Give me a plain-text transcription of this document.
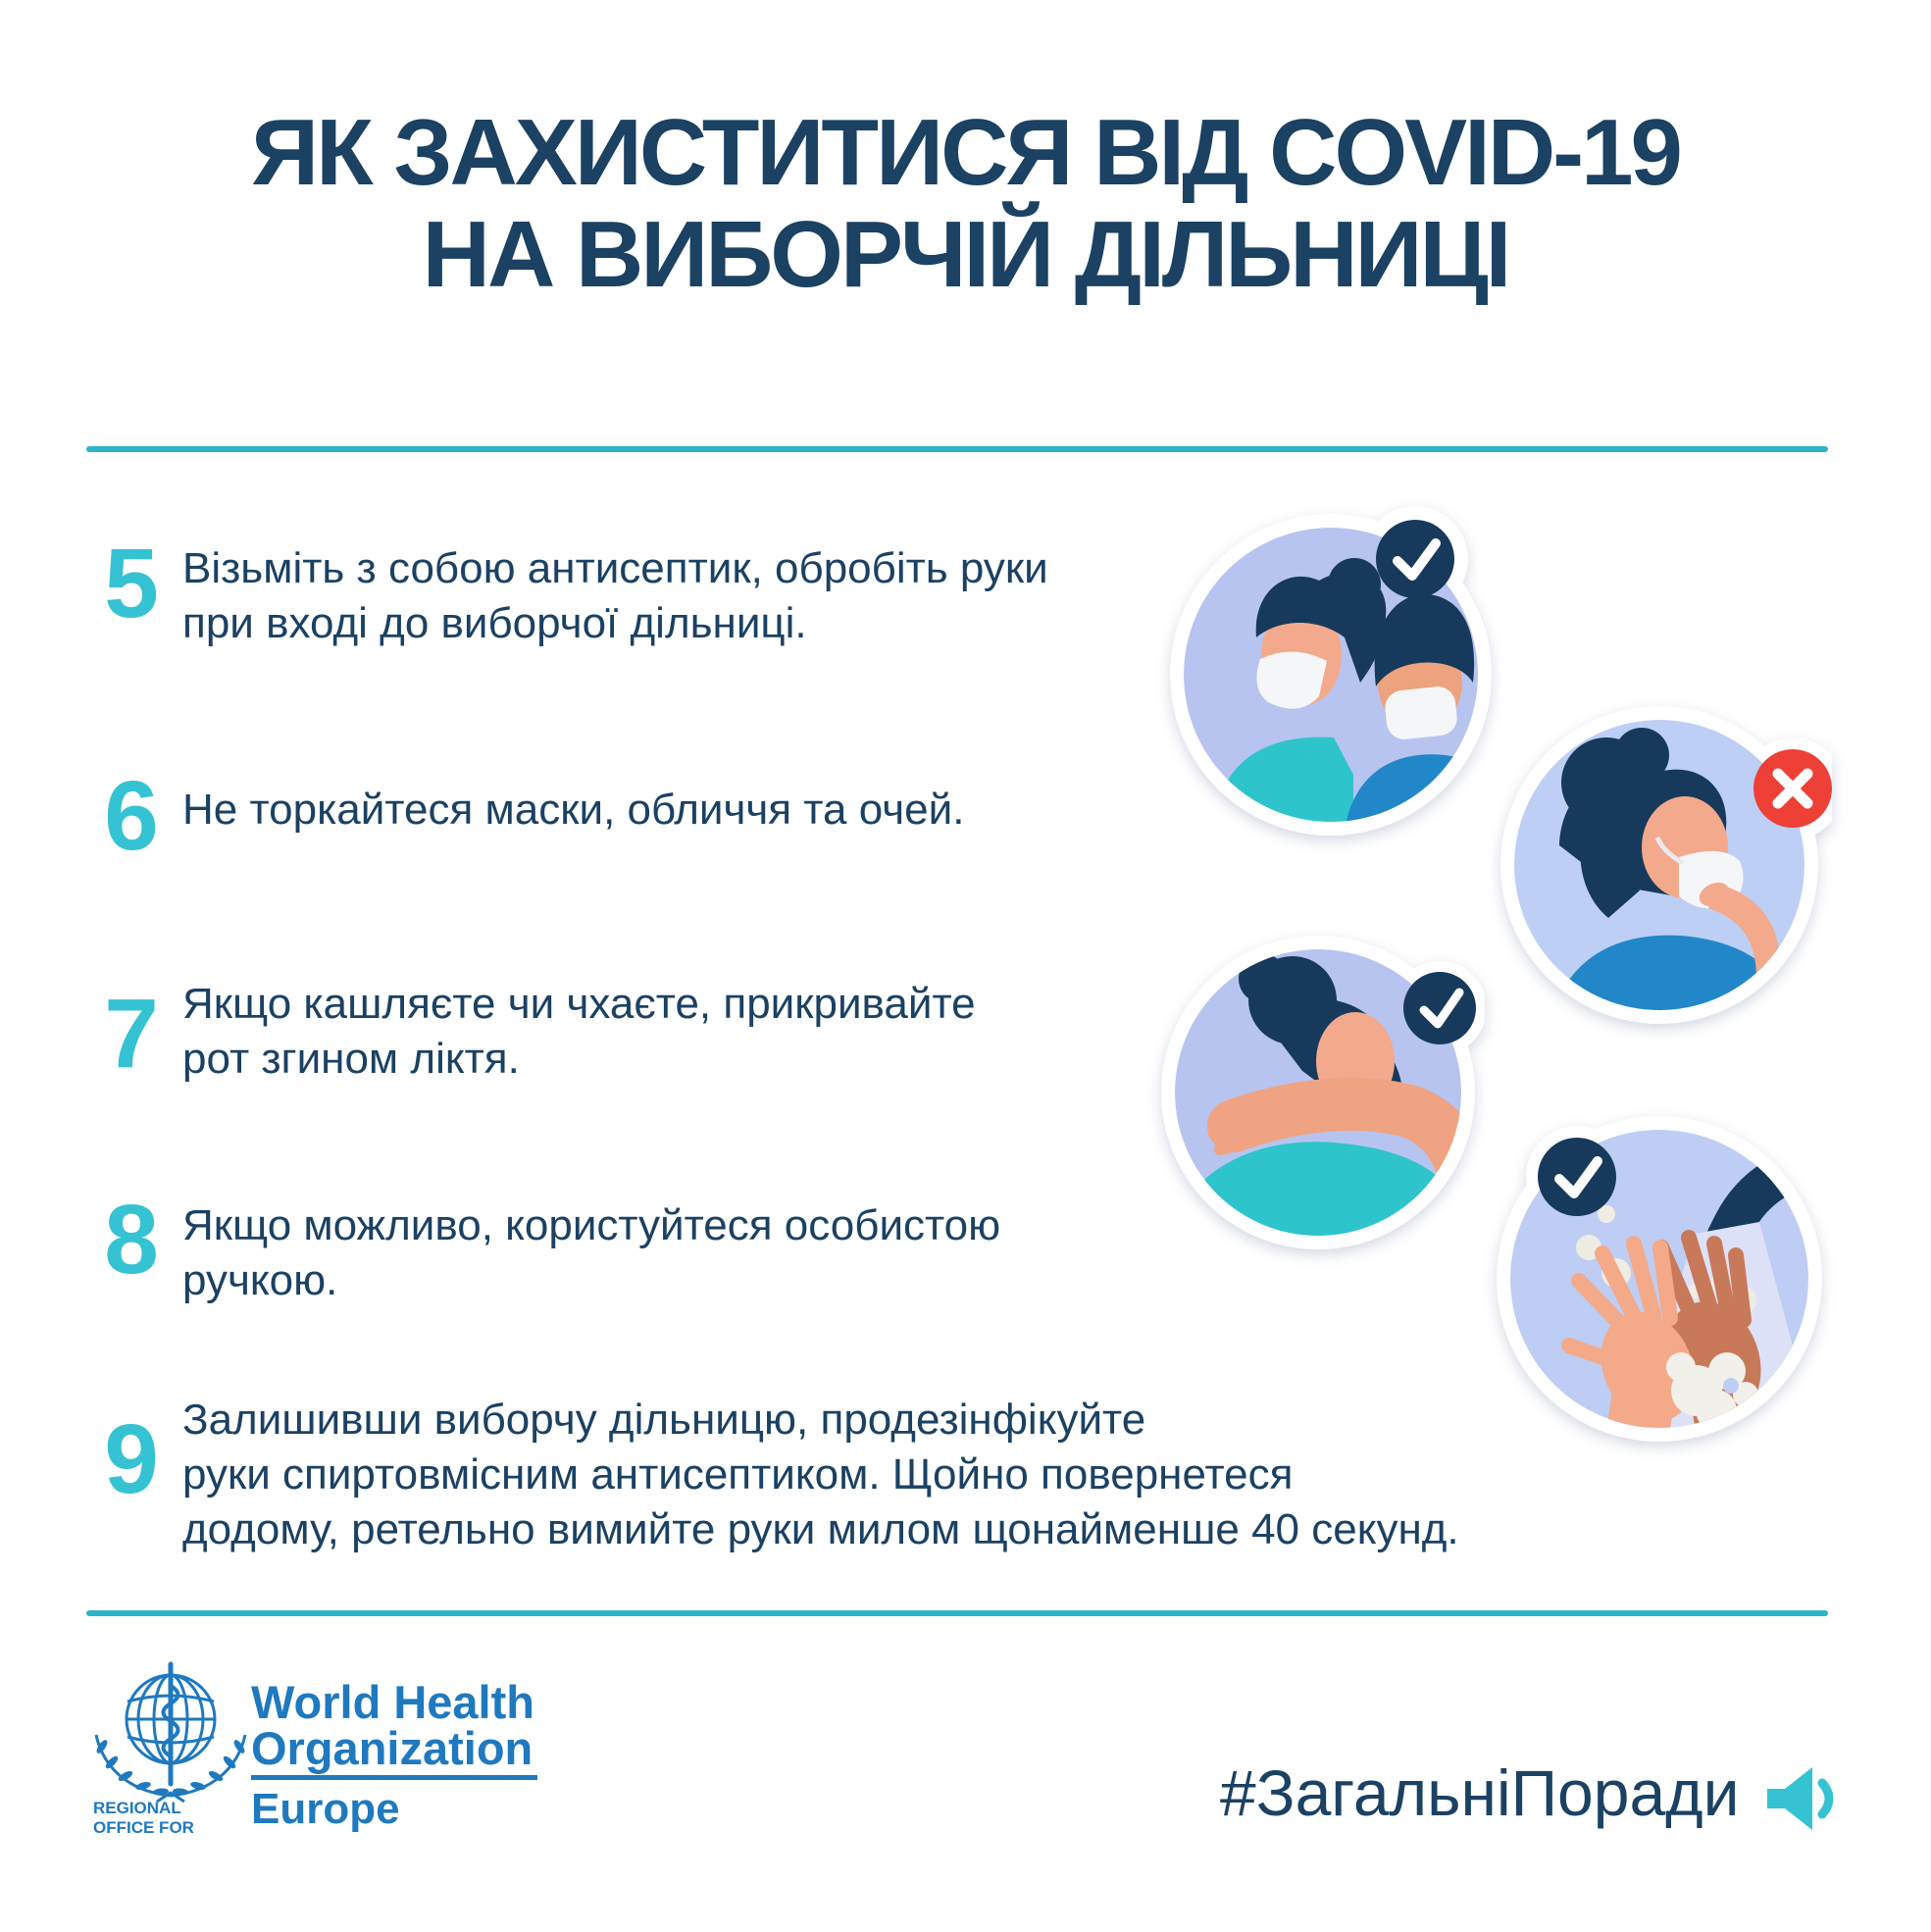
ЯК ЗАХИСТИТИСЯ ВІД COVID-19
НА ВИБОРЧІЙ ДІЛЬНИЦІ
5 Візьміть з собою антисептик, обробіть руки
при вході до виборчої дільниці.
6 Не торкайтеся маски, обличчя та очей.
7 Якщо кашляєте чи чхаєте, прикривайте
рот згином ліктя.
8 Якщо можливо, користуйтеся особистою
ручкою.
9 Залишивши виборчу дільницю, продезінфікуйте
руки спиртовмісним антисептиком. Щойно повернетеся
додому, ретельно вимийте руки милом щонайменше 40 секунд.
World Health
Organization
REGIONAL OFFICE FOR	Europe	#ЗагальніПоради
